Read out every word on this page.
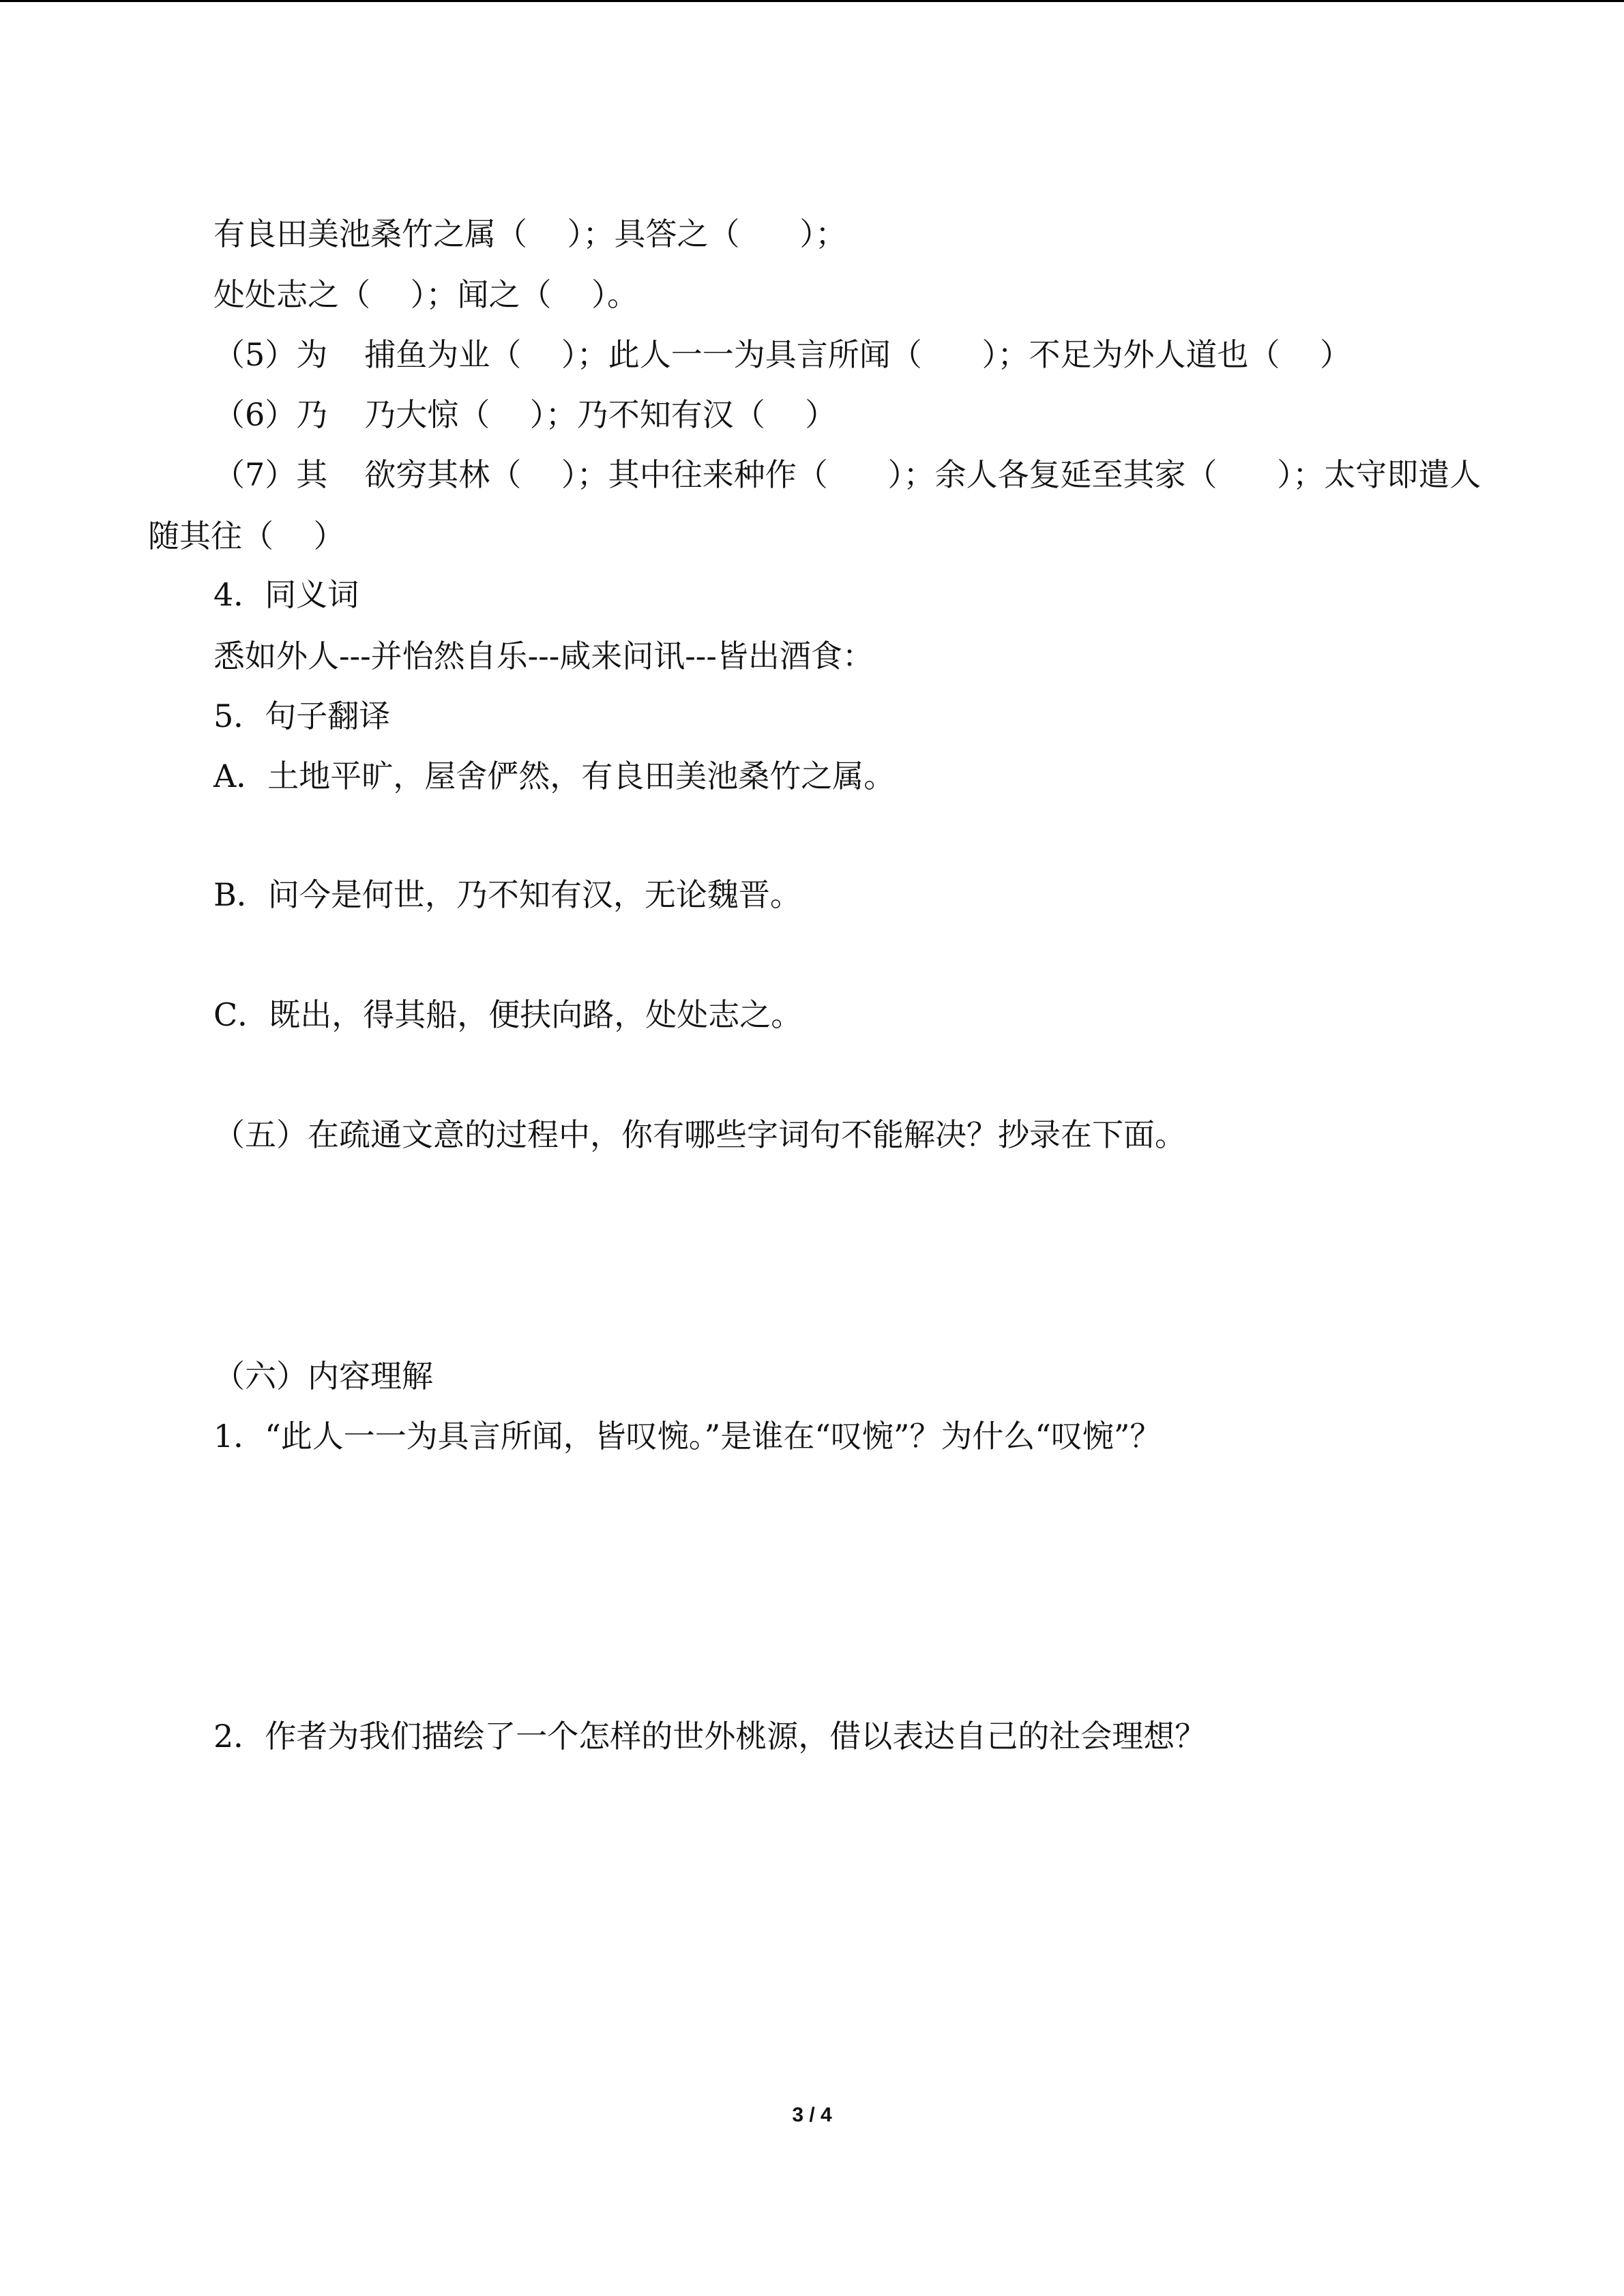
有良田美池桑竹之属（    ）；具答之（      ）；
处处志之（    ）；闻之（    ）。
（5）为 捕鱼为业（    ）；此人一一为具言所闻（      ）；不足为外人道也（    ）
（6）乃 乃大惊（    ）；乃不知有汉（    ）
（7）其 欲穷其林（    ）；其中往来种作（      ）；余人各复延至其家（      ）；太守即遣人
随其往（    ）
4．同义词
悉如外人---并怡然自乐---咸来问讯---皆出酒食：
5．句子翻译
A．土地平旷，屋舍俨然，有良田美池桑竹之属。
B．问今是何世，乃不知有汉，无论魏晋。
C．既出，得其船，便扶向路，处处志之。
（五）在疏通文意的过程中，你有哪些字词句不能解决？抄录在下面。
（六）内容理解
1．“此人一一为具言所闻，皆叹惋。”是谁在“叹惋”？为什么“叹惋”？
2．作者为我们描绘了一个怎样的世外桃源，借以表达自己的社会理想？
3 / 4
